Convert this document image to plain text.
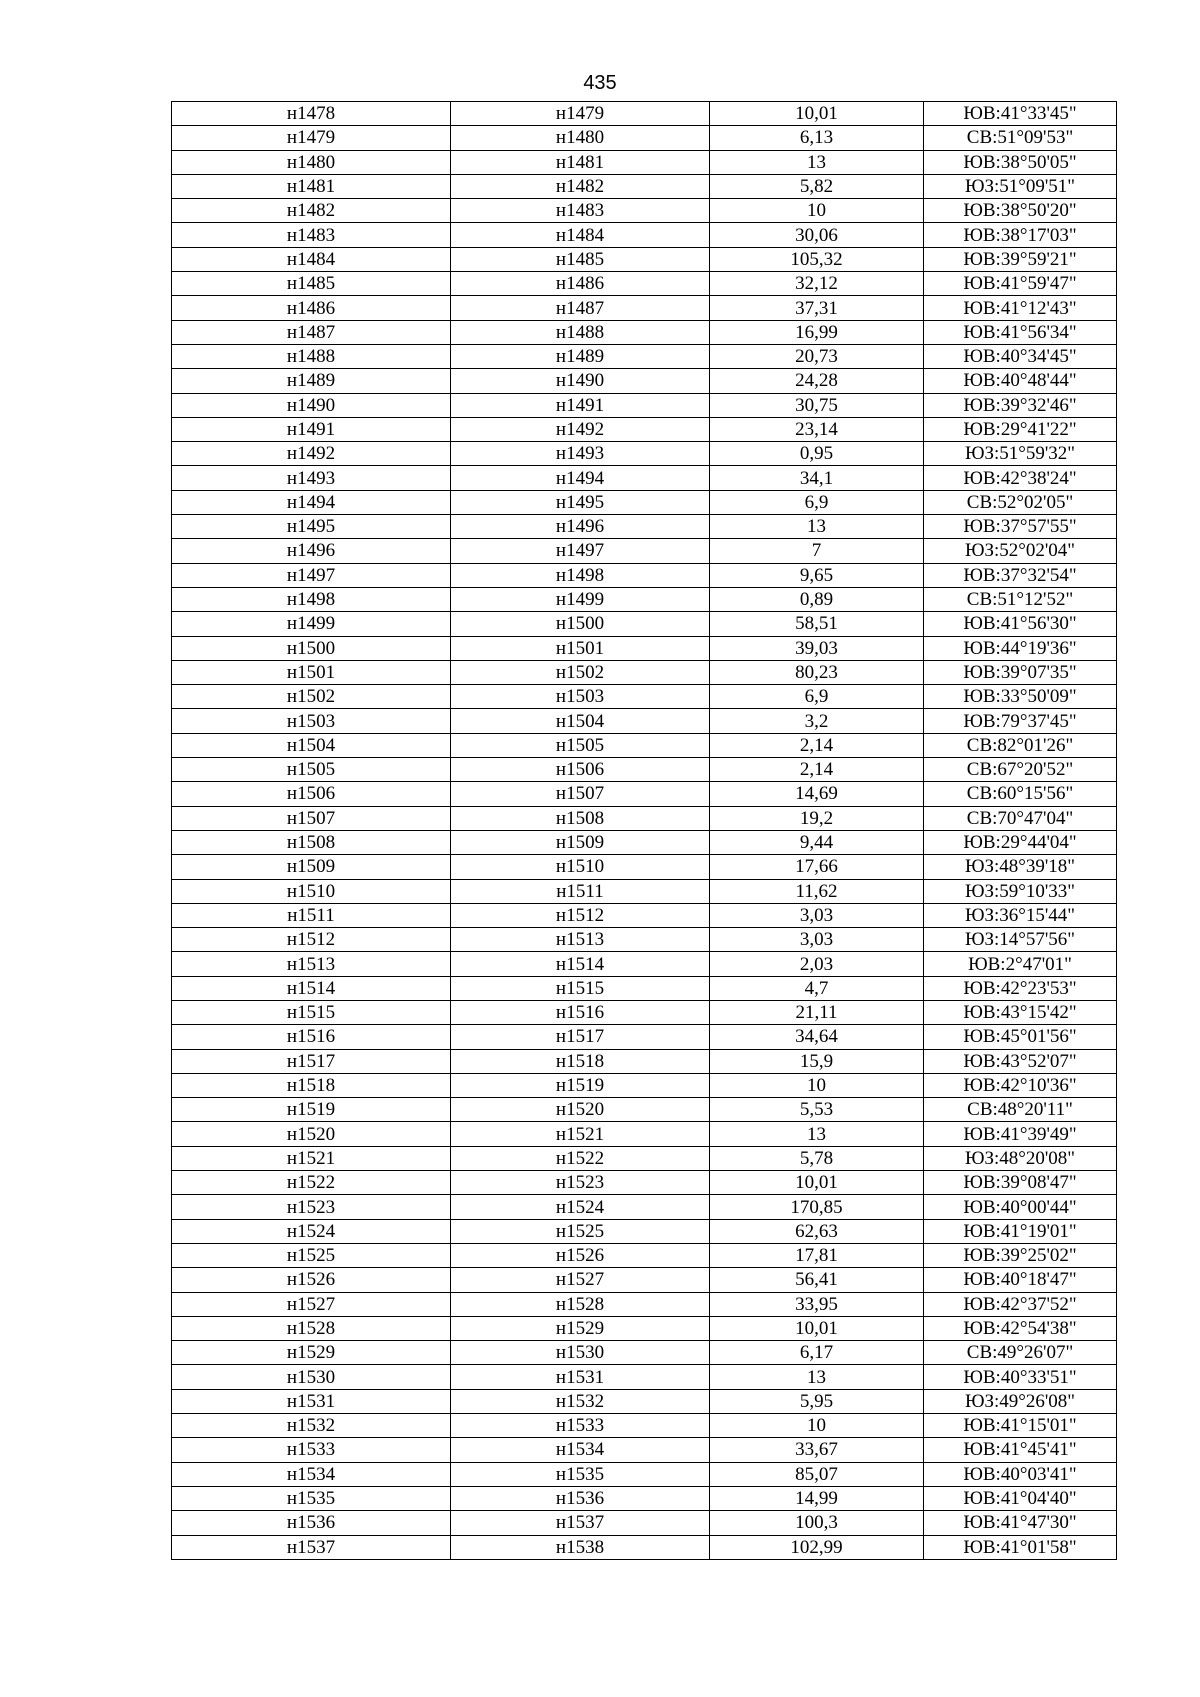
435
н1478	н1479	10,01	ЮВ:41°33'45"
н1479	н1480	6,13	СВ:51°09'53"
н1480	н1481	13	ЮВ:38°50'05"
н1481	н1482	5,82	ЮЗ:51°09'51"
н1482	н1483	10	ЮВ:38°50'20"
н1483	н1484	30,06	ЮВ:38°17'03"
н1484	н1485	105,32	ЮВ:39°59'21"
н1485	н1486	32,12	ЮВ:41°59'47"
н1486	н1487	37,31	ЮВ:41°12'43"
н1487	н1488	16,99	ЮВ:41°56'34"
н1488	н1489	20,73	ЮВ:40°34'45"
н1489	н1490	24,28	ЮВ:40°48'44"
н1490	н1491	30,75	ЮВ:39°32'46"
н1491	н1492	23,14	ЮВ:29°41'22"
н1492	н1493	0,95	ЮЗ:51°59'32"
н1493	н1494	34,1	ЮВ:42°38'24"
н1494	н1495	6,9	СВ:52°02'05"
н1495	н1496	13	ЮВ:37°57'55"
н1496	н1497	7	ЮЗ:52°02'04"
н1497	н1498	9,65	ЮВ:37°32'54"
н1498	н1499	0,89	СВ:51°12'52"
н1499	н1500	58,51	ЮВ:41°56'30"
н1500	н1501	39,03	ЮВ:44°19'36"
н1501	н1502	80,23	ЮВ:39°07'35"
н1502	н1503	6,9	ЮВ:33°50'09"
н1503	н1504	3,2	ЮВ:79°37'45"
н1504	н1505	2,14	СВ:82°01'26"
н1505	н1506	2,14	СВ:67°20'52"
н1506	н1507	14,69	СВ:60°15'56"
н1507	н1508	19,2	СВ:70°47'04"
н1508	н1509	9,44	ЮВ:29°44'04"
н1509	н1510	17,66	ЮЗ:48°39'18"
н1510	н1511	11,62	ЮЗ:59°10'33"
н1511	н1512	3,03	ЮЗ:36°15'44"
н1512	н1513	3,03	ЮЗ:14°57'56"
н1513	н1514	2,03	ЮВ:2°47'01"
н1514	н1515	4,7	ЮВ:42°23'53"
н1515	н1516	21,11	ЮВ:43°15'42"
н1516	н1517	34,64	ЮВ:45°01'56"
н1517	н1518	15,9	ЮВ:43°52'07"
н1518	н1519	10	ЮВ:42°10'36"
н1519	н1520	5,53	СВ:48°20'11"
н1520	н1521	13	ЮВ:41°39'49"
н1521	н1522	5,78	ЮЗ:48°20'08"
н1522	н1523	10,01	ЮВ:39°08'47"
н1523	н1524	170,85	ЮВ:40°00'44"
н1524	н1525	62,63	ЮВ:41°19'01"
н1525	н1526	17,81	ЮВ:39°25'02"
н1526	н1527	56,41	ЮВ:40°18'47"
н1527	н1528	33,95	ЮВ:42°37'52"
н1528	н1529	10,01	ЮВ:42°54'38"
н1529	н1530	6,17	СВ:49°26'07"
н1530	н1531	13	ЮВ:40°33'51"
н1531	н1532	5,95	ЮЗ:49°26'08"
н1532	н1533	10	ЮВ:41°15'01"
н1533	н1534	33,67	ЮВ:41°45'41"
н1534	н1535	85,07	ЮВ:40°03'41"
н1535	н1536	14,99	ЮВ:41°04'40"
н1536	н1537	100,3	ЮВ:41°47'30"
н1537	н1538	102,99	ЮВ:41°01'58"
